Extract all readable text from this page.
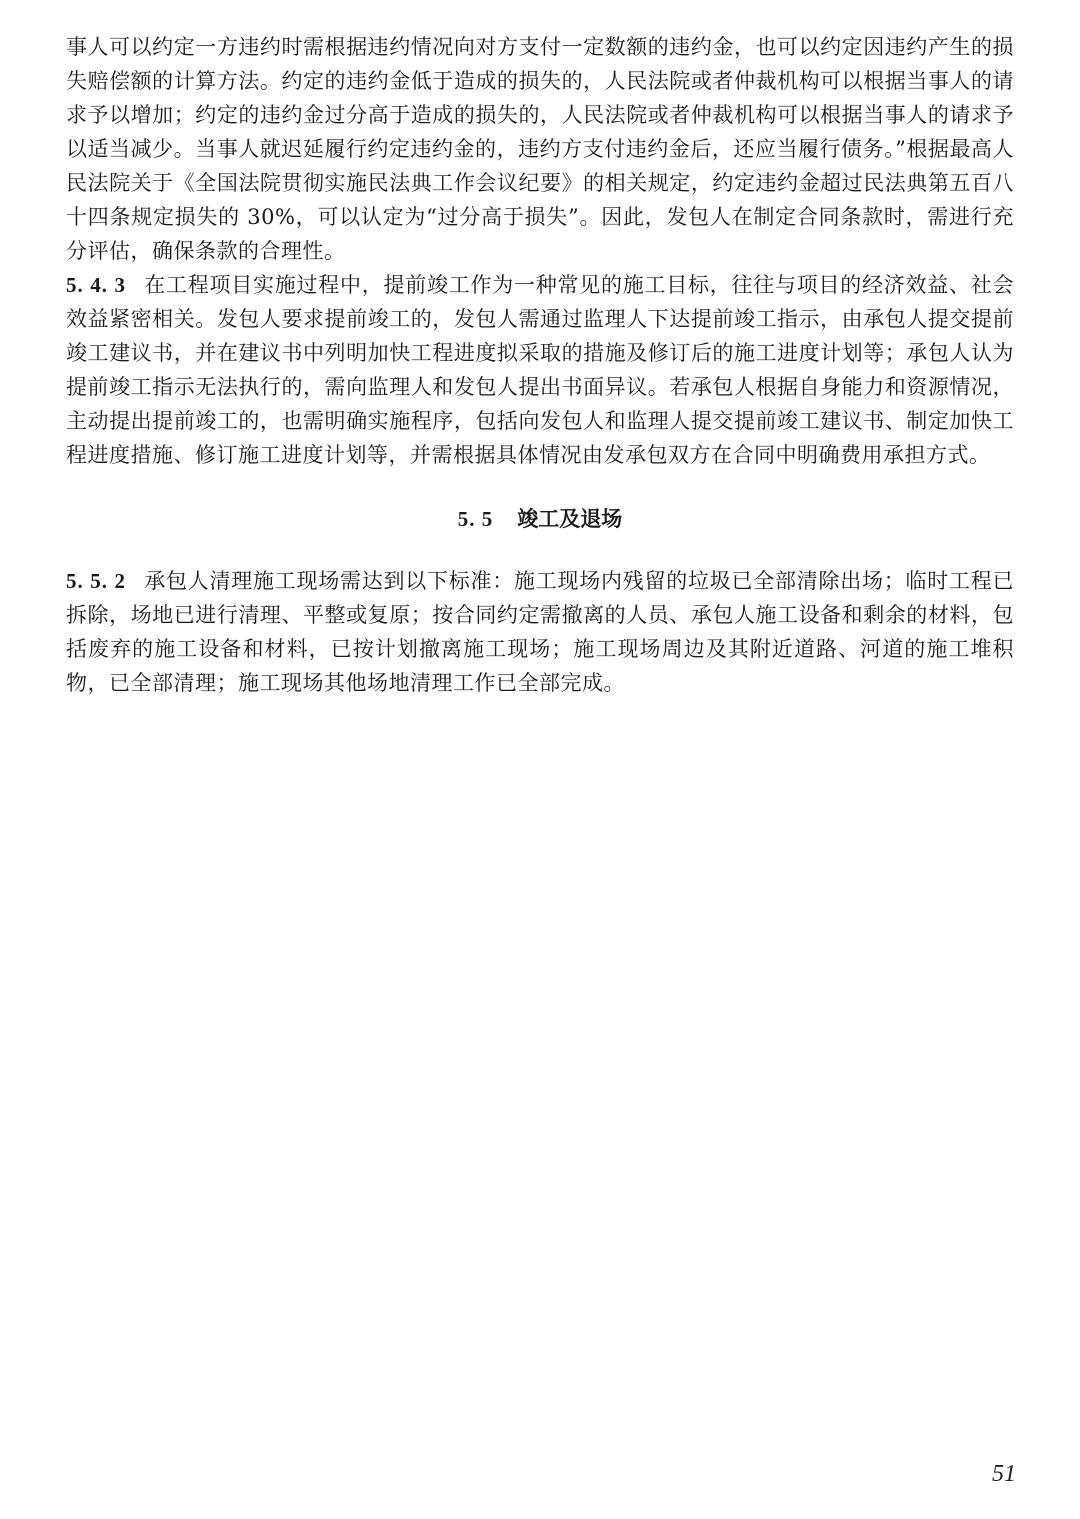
事人可以约定一方违约时需根据违约情况向对方支付一定数额的违约金，也可以约定因违约产生的损失赔偿额的计算方法。约定的违约金低于造成的损失的，人民法院或者仲裁机构可以根据当事人的请求予以增加；约定的违约金过分高于造成的损失的，人民法院或者仲裁机构可以根据当事人的请求予以适当减少。当事人就迟延履行约定违约金的，违约方支付违约金后，还应当履行债务。”根据最高人民法院关于《全国法院贯彻实施民法典工作会议纪要》的相关规定，约定违约金超过民法典第五百八十四条规定损失的 30%，可以认定为“过分高于损失”。因此，发包人在制定合同条款时，需进行充分评估，确保条款的合理性。

5. 4. 3 在工程项目实施过程中，提前竣工作为一种常见的施工目标，往往与项目的经济效益、社会效益紧密相关。发包人要求提前竣工的，发包人需通过监理人下达提前竣工指示，由承包人提交提前竣工建议书，并在建议书中列明加快工程进度拟采取的措施及修订后的施工进度计划等；承包人认为提前竣工指示无法执行的，需向监理人和发包人提出书面异议。若承包人根据自身能力和资源情况，主动提出提前竣工的，也需明确实施程序，包括向发包人和监理人提交提前竣工建议书、制定加快工程进度措施、修订施工进度计划等，并需根据具体情况由发承包双方在合同中明确费用承担方式。

5. 5 竣工及退场

5. 5. 2 承包人清理施工现场需达到以下标准：施工现场内残留的垃圾已全部清除出场；临时工程已拆除，场地已进行清理、平整或复原；按合同约定需撤离的人员、承包人施工设备和剩余的材料，包括废弃的施工设备和材料，已按计划撤离施工现场；施工现场周边及其附近道路、河道的施工堆积物，已全部清理；施工现场其他场地清理工作已全部完成。

51
